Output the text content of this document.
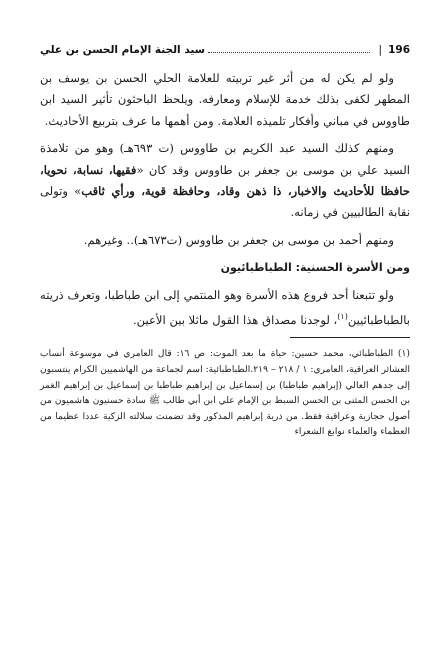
196
|
سيد الجنة الإمام الحسن بن علي

ولو لم يكن له من أثر غير تربيته للعلامة الحلي الحسن بن يوسف بن المطهر لكفى بذلك خدمة للإسلام ومعارفه. ويلحظ الباحثون تأثير السيد ابن طاووس في مباني وأفكار تلميذه العلامة. ومن أهمها ما عرف بتربيع الأحاديث.

ومنهم كذلك السيد عبد الكريم بن طاووس (ت ٦٩٣هـ) وهو من تلامذة السيد علي بن موسى بن جعفر بن طاووس وقد كان «فقيها، نسابة، نحويا، حافظا للأحاديث والاخبار، ذا ذهن وقاد، وحافظة قوية، ورأي ثاقب» وتولى نقابة الطالبيين في زمانه.

ومنهم أحمد بن موسى بن جعفر بن طاووس (ت٦٧٣هـ).. وغيرهم.

ومن الأسرة الحسنية: الطباطبائيون

ولو تتبعنا أحد فروع هذه الأسرة وهو المنتمي إلى ابن طباطبا، وتعرف ذريته بالطباطبائيين$^{(١)}$، لوجدنا مصداق هذا القول ماثلا بين الأعين.

(١) الطباطبائي، محمد حسين: حياة ما بعد الموت: ص ١٦: قال العامري في موسوعة أنساب العشائر العراقية، العامري: ١ / ٢١٨ – ٢١٩.الطباطبائية: اسم لجماعة من الهاشميين الكرام ينتسبون إلى جدهم العالي (إبراهيم طباطبا) بن إسماعيل بن إبراهيم طباطبا بن إسماعيل بن إبراهيم الغمر بن الحسن المثنى بن الحسن السبط بن الإمام علي ابن أبي طالب ﷺ سادة حسنيون هاشميون من أصول حجازية وعراقية فقط. من ذرية إبراهيم المذكور وقد تضمنت سلالته الزكية عددا عظيما من العظماء والعلماء نوابغ الشعراء
